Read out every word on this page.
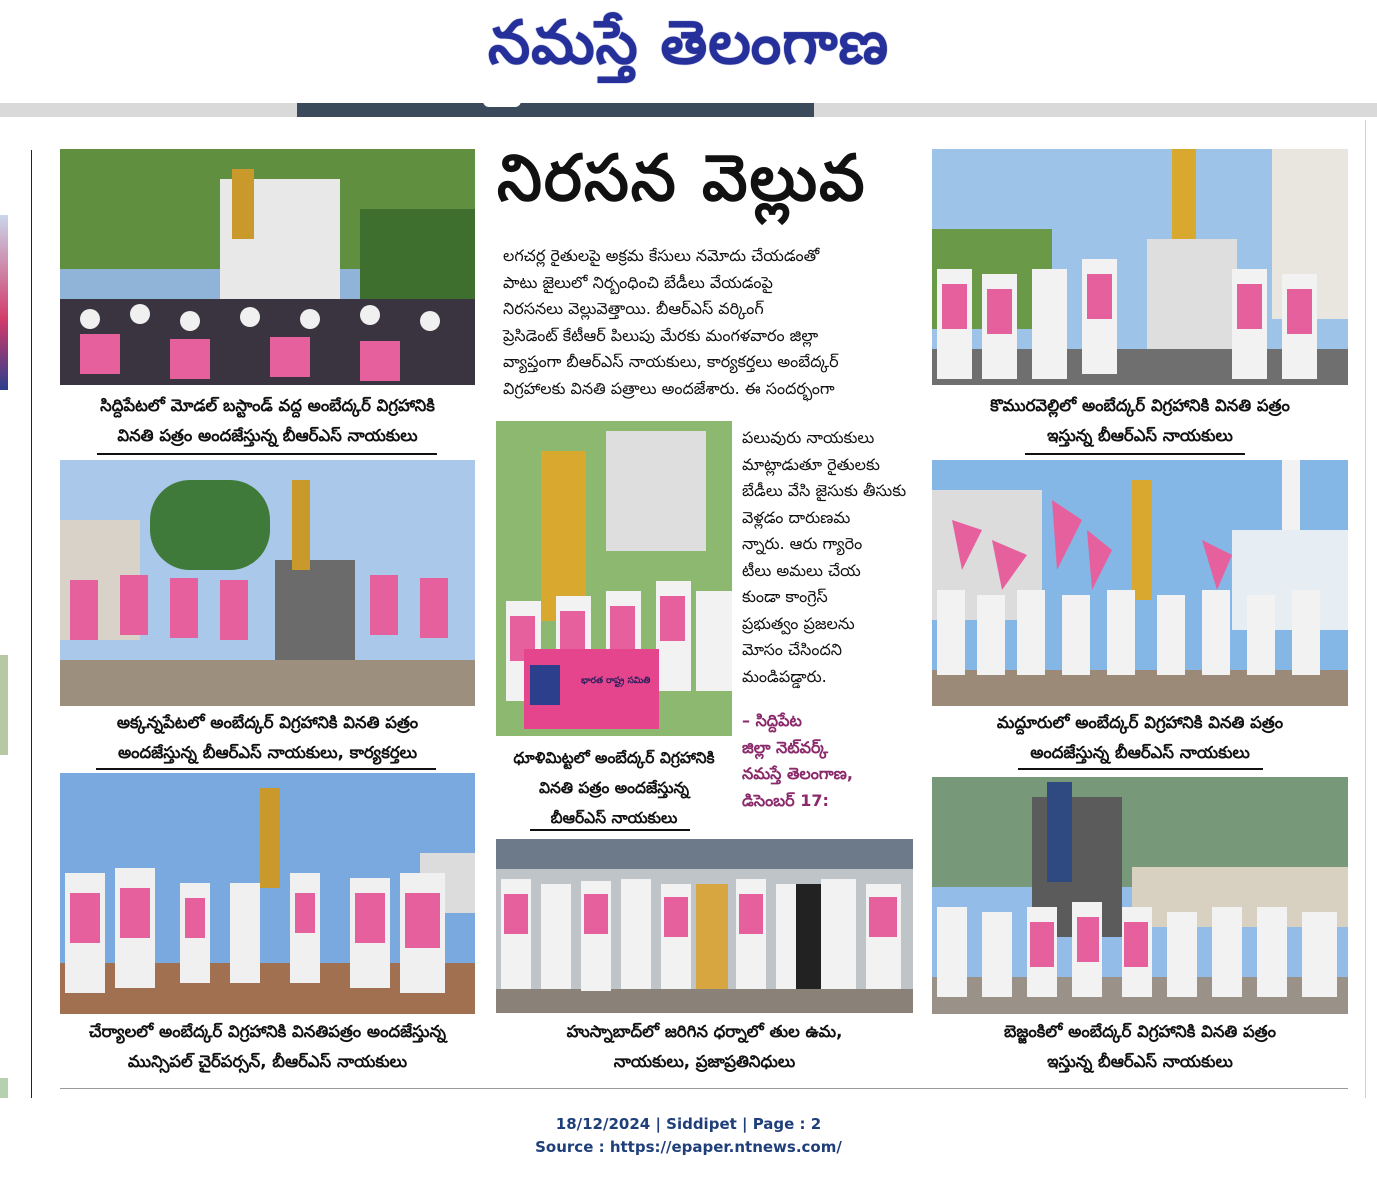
నమస్తే తెలంగాణ
సిద్దిపేటలో మోడల్ బస్టాండ్ వద్ద అంబేద్కర్ విగ్రహానికి
వినతి పత్రం అందజేస్తున్న బీఆర్‌ఎస్ నాయకులు
అక్కన్నపేటలో అంబేద్కర్ విగ్రహానికి వినతి పత్రం
అందజేస్తున్న బీఆర్‌ఎస్ నాయకులు, కార్యకర్తలు
చేర్యాలలో అంబేద్కర్ విగ్రహానికి వినతిపత్రం అందజేస్తున్న
మున్సిపల్ చైర్‌పర్సన్, బీఆర్‌ఎస్ నాయకులు
నిరసన వెల్లువ
లగచర్ల రైతులపై అక్రమ కేసులు నమోదు చేయడంతో
పాటు జైలులో నిర్బంధించి బేడీలు వేయడంపై
నిరసనలు వెల్లువెత్తాయి. బీఆర్‌ఎస్ వర్కింగ్
ప్రెసిడెంట్ కేటీఆర్ పిలుపు మేరకు మంగళవారం జిల్లా
వ్యాప్తంగా బీఆర్‌ఎస్ నాయకులు, కార్యకర్తలు అంబేద్కర్
విగ్రహాలకు వినతి పత్రాలు అందజేశారు. ఈ సందర్భంగా
భారత రాష్ట్ర సమితి
ధూళిమిట్టలో అంబేద్కర్ విగ్రహానికి
వినతి పత్రం అందజేస్తున్న
బీఆర్‌ఎస్ నాయకులు
పలువురు నాయకులు
మాట్లాడుతూ రైతులకు
బేడీలు వేసి జైసుకు తీసుకు
వెళ్లడం దారుణమ
న్నారు. ఆరు గ్యారెం
టీలు అమలు చేయ
కుండా కాంగ్రెస్
ప్రభుత్వం ప్రజలను
మోసం చేసిందని
మండిపడ్డారు.
– సిద్దిపేట
జిల్లా నెట్‌వర్క్
నమస్తే తెలంగాణ,
డిసెంబర్ 17:
హుస్నాబాద్‌లో జరిగిన ధర్నాలో తుల ఉమ,
నాయకులు, ప్రజాప్రతినిధులు
కొమురవెల్లిలో అంబేద్కర్ విగ్రహానికి వినతి పత్రం
ఇస్తున్న బీఆర్‌ఎస్ నాయకులు
మద్దూరులో అంబేద్కర్ విగ్రహానికి వినతి పత్రం
అందజేస్తున్న బీఆర్‌ఎస్ నాయకులు
బెజ్జంకిలో అంబేద్కర్ విగ్రహానికి వినతి పత్రం
ఇస్తున్న బీఆర్‌ఎస్ నాయకులు
18/12/2024 | Siddipet | Page : 2
Source : https://epaper.ntnews.com/
